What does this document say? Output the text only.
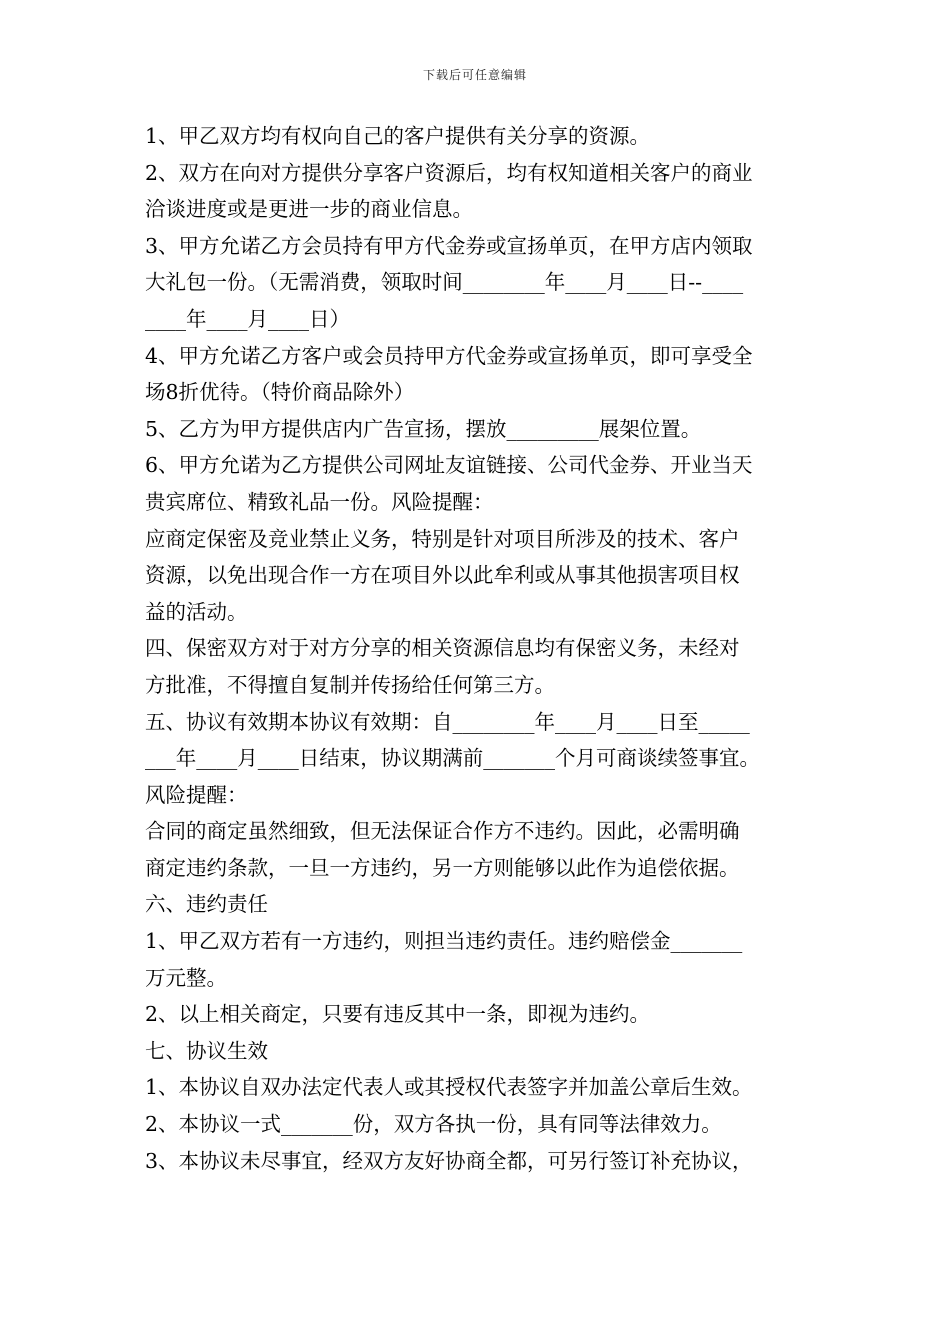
下载后可任意编辑
1、甲乙双方均有权向自己的客户提供有关分享的资源。
2、双方在向对方提供分享客户资源后，均有权知道相关客户的商业
洽谈进度或是更进一步的商业信息。
3、甲方允诺乙方会员持有甲方代金券或宣扬单页，在甲方店内领取
大礼包一份。（无需消费，领取时间________年____月____日--____
____年____月____日）
4、甲方允诺乙方客户或会员持甲方代金券或宣扬单页，即可享受全
场8折优待。（特价商品除外）
5、乙方为甲方提供店内广告宣扬，摆放_________展架位置。
6、甲方允诺为乙方提供公司网址友谊链接、公司代金券、开业当天
贵宾席位、精致礼品一份。风险提醒：
应商定保密及竞业禁止义务，特别是针对项目所涉及的技术、客户
资源，以免出现合作一方在项目外以此牟利或从事其他损害项目权
益的活动。
四、保密双方对于对方分享的相关资源信息均有保密义务，未经对
方批准，不得擅自复制并传扬给任何第三方。
五、协议有效期本协议有效期：自________年____月____日至_____
___年____月____日结束，协议期满前_______个月可商谈续签事宜。
风险提醒：
合同的商定虽然细致，但无法保证合作方不违约。因此，必需明确
商定违约条款，一旦一方违约，另一方则能够以此作为追偿依据。
六、违约责任
1、甲乙双方若有一方违约，则担当违约责任。违约赔偿金_______
万元整。
2、以上相关商定，只要有违反其中一条，即视为违约。
七、协议生效
1、本协议自双办法定代表人或其授权代表签字并加盖公章后生效。
2、本协议一式_______份，双方各执一份，具有同等法律效力。
3、本协议未尽事宜，经双方友好协商全都，可另行签订补充协议，
